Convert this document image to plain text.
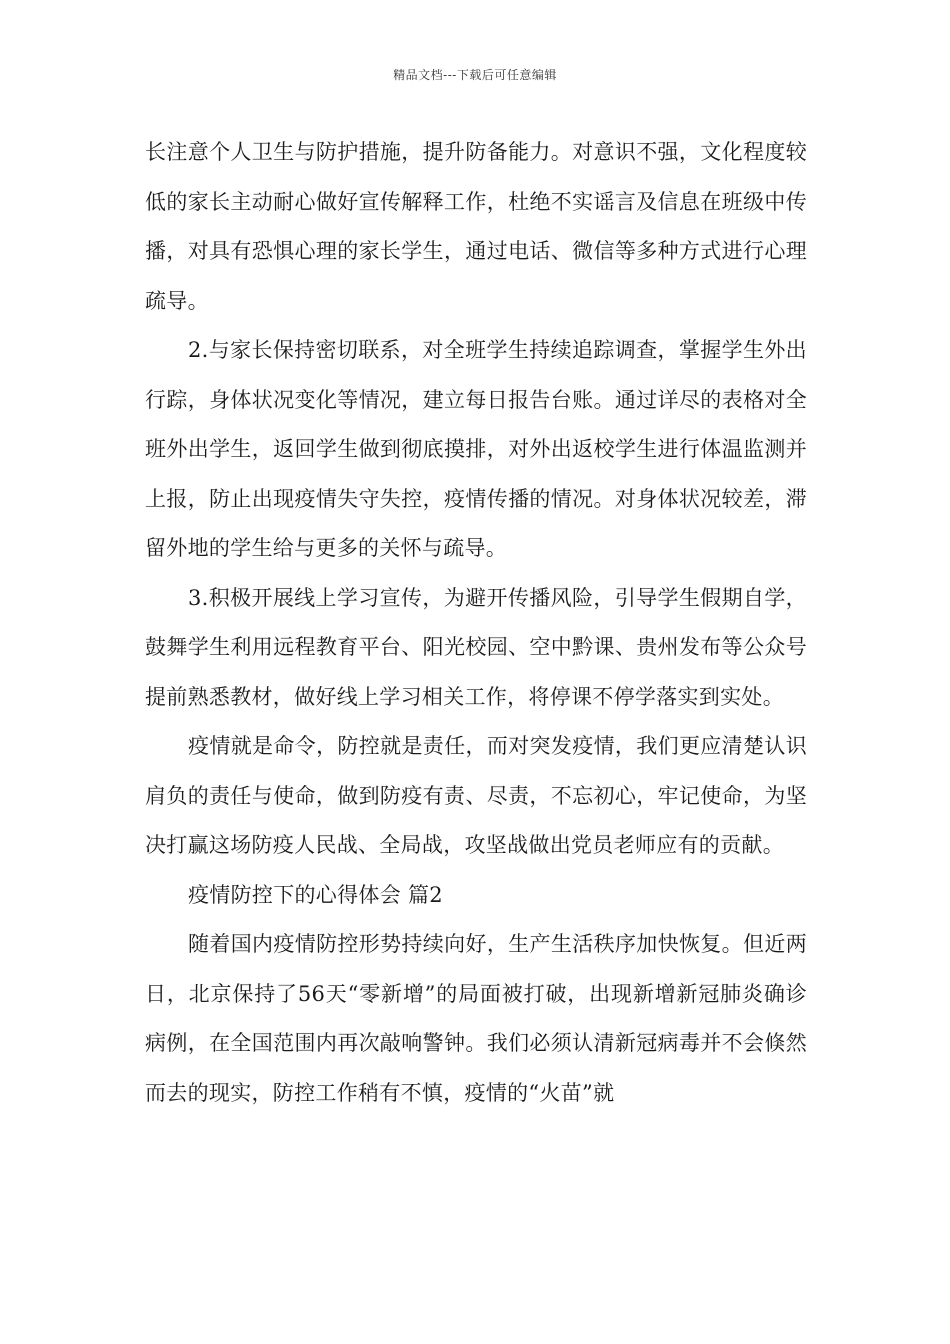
精品文档---下载后可任意编辑

长注意个人卫生与防护措施，提升防备能力。对意识不强，文化程度较低的家长主动耐心做好宣传解释工作，杜绝不实谣言及信息在班级中传播，对具有恐惧心理的家长学生，通过电话、微信等多种方式进行心理疏导。

2.与家长保持密切联系，对全班学生持续追踪调查，掌握学生外出行踪，身体状况变化等情况，建立每日报告台账。通过详尽的表格对全班外出学生，返回学生做到彻底摸排，对外出返校学生进行体温监测并上报，防止出现疫情失守失控，疫情传播的情况。对身体状况较差，滞留外地的学生给与更多的关怀与疏导。

3.积极开展线上学习宣传，为避开传播风险，引导学生假期自学，鼓舞学生利用远程教育平台、阳光校园、空中黔课、贵州发布等公众号提前熟悉教材，做好线上学习相关工作，将停课不停学落实到实处。

疫情就是命令，防控就是责任，而对突发疫情，我们更应清楚认识肩负的责任与使命，做到防疫有责、尽责，不忘初心，牢记使命，为坚决打赢这场防疫人民战、全局战，攻坚战做出党员老师应有的贡献。

疫情防控下的心得体会 篇2

随着国内疫情防控形势持续向好，生产生活秩序加快恢复。但近两日，北京保持了56天“零新增”的局面被打破，出现新增新冠肺炎确诊病例，在全国范围内再次敲响警钟。我们必须认清新冠病毒并不会倏然而去的现实，防控工作稍有不慎，疫情的“火苗”就
